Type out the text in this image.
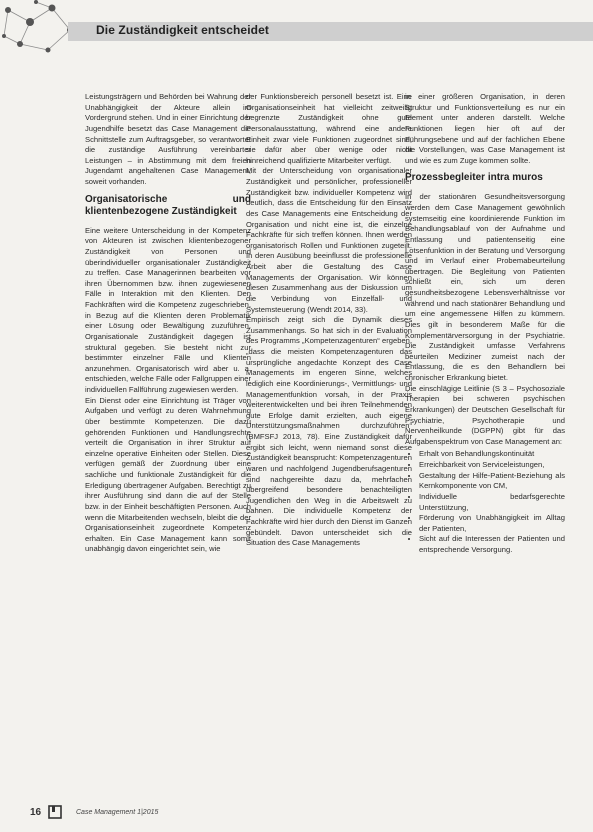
Die Zuständigkeit entscheidet

Leistungsträgern und Behörden bei Wahrung der Unabhängigkeit der Akteure allein im Vordergrund stehen. Und in einer Einrichtung der Jugendhilfe besetzt das Case Management die Schnittstelle zum Auftragsgeber, so verantwortet die zuständige Ausführung vereinbarter Leistungen – in Abstimmung mit dem freien Jugendamt angehaltenen Case Management, soweit vorhanden.

Organisatorische und klientenbezogene Zuständigkeit

Eine weitere Unterscheidung in der Kompetenz von Akteuren ist zwischen klientenbezogener Zuständigkeit von Personen und überindividueller organisationaler Zuständigkeit zu treffen. Case Managerinnen bearbeiten vor ihren Übernommen bzw. ihnen zugewiesenen Fälle in Interaktion mit den Klienten. Den Fachkräften wird die Kompetenz zugeschrieben, in Bezug auf die Klienten deren Problematik einer Lösung oder Bewältigung zuzuführen. Organisationale Zuständigkeit dagegen ist struktural gegeben. Sie besteht nicht zur bestimmter einzelner Fälle und Klienten anzunehmen. Organisatorisch wird aber u. a. entschieden, welche Fälle oder Fallgruppen einer individuellen Fallführung zugewiesen werden.

Ein Dienst oder eine Einrichtung ist Träger von Aufgaben und verfügt zu deren Wahrnehmung über bestimmte Kompetenzen. Die dazu gehörenden Funktionen und Handlungsrechte verteilt die Organisation in ihrer Struktur auf einzelne operative Einheiten oder Stellen. Diese verfügen gemäß der Zuordnung über eine sachliche und funktionale Zuständigkeit für die Erledigung übertragener Aufgaben. Berechtigt zu ihrer Ausführung sind dann die auf der Stelle bzw. in der Einheit beschäftigten Personen. Auch wenn die Mitarbeitenden wechseln, bleibt die der Organisationseinheit zugeordnete Kompetenz erhalten. Ein Case Management kann somit unabhängig davon eingerichtet sein, wie

der Funktionsbereich personell besetzt ist. Eine Organisationseinheit hat vielleicht zeitweilig begrenzte Zuständigkeit ohne gute Personalausstattung, während eine andere Einheit zwar viele Funktionen zugeordnet sind, sie dafür aber über wenige oder nicht hinreichend qualifizierte Mitarbeiter verfügt.

Mit der Unterscheidung von organisationaler Zuständigkeit und persönlicher, professioneller Zuständigkeit bzw. individueller Kompetenz wird deutlich, dass die Entscheidung für den Einsatz des Case Managements eine Entscheidung der Organisation und nicht eine ist, die einzelne Fachkräfte für sich treffen können. Ihnen werden organisatorisch Rollen und Funktionen zugeteilt. In deren Ausübung beeinflusst die professionelle Arbeit aber die Gestaltung des Case Managements der Organisation. Wir können diesen Zusammenhang aus der Diskussion um die Verbindung von Einzelfall- und Systemsteuerung (Wendt 2014, 33).

Empirisch zeigt sich die Dynamik dieses Zusammenhangs. So hat sich in der Evaluation des Programms „Kompetenzagenturen“ ergeben, „dass die meisten Kompetenzagenturen das ursprüngliche angedachte Konzept des Case Managements im engeren Sinne, welches lediglich eine Koordinierungs-, Vermittlungs- und Managementfunktion vorsah, in der Praxis weiterentwickelten und bei ihren Teilnehmenden gute Erfolge damit erzielten, auch eigene Unterstützungsmaßnahmen durchzuführen“ (BMFSFJ 2013, 78). Eine Zuständigkeit dafür ergibt sich leicht, wenn niemand sonst diese Zuständigkeit beansprucht: Kompetenzagenturen waren und nachfolgend Jugendberufsagenturen sind nachgereihte dazu da, mehrfachen übergreifend besondere benachteiligten Jugendlichen den Weg in die Arbeitswelt zu bahnen. Die individuelle Kompetenz der Fachkräfte wird hier durch den Dienst im Ganzen gebündelt. Davon unterscheidet sich die Situation des Case Managements

in einer größeren Organisation, in deren Struktur und Funktionsverteilung es nur ein Element unter anderen darstellt. Welche Funktionen liegen hier oft auf der Führungsebene und auf der fachlichen Ebene die Vorstellungen, was Case Management ist und wie es zum Zuge kommen sollte.

Prozessbegleiter intra muros

In der stationären Gesundheitsversorgung werden dem Case Management gewöhnlich systemseitig eine koordinierende Funktion im Behandlungsablauf von der Aufnahme und Entlassung und patientenseitig eine Lotsenfunktion in der Beratung und Versorgung und im Verlauf einer Probemabeurteilung übertragen. Die Begleitung von Patienten schließt ein, sich um deren gesundheitsbezogene Lebensverhältnisse vor während und nach stationärer Behandlung und um eine angemessene Hilfen zu kümmern. Dies gilt in besonderem Maße für die Komplementärversorgung in der Psychiatrie. Die Zuständigkeit umfasse Verfahrens beurteilen Mediziner zumeist nach der Entlassung, die es den Behandlern bei chronischer Erkrankung bietet.

Die einschlägige Leitlinie (S 3 – Psychosoziale Therapien bei schweren psychischen Erkrankungen) der Deutschen Gesellschaft für Psychiatrie, Psychotherapie und Nervenheilkunde (DGPPN) gibt für das Aufgabenspektrum von Case Management an:

• Erhalt von Behandlungskontinuität
• Erreichbarkeit von Serviceleistungen,
• Gestaltung der Hilfe-Patient-Beziehung als Kernkomponente von CM,
• Individuelle bedarfsgerechte Unterstützung,
• Förderung von Unabhängigkeit im Alltag der Patienten,
• Sicht auf die Interessen der Patienten und entsprechende Versorgung.
16	Case Management 1|2015
